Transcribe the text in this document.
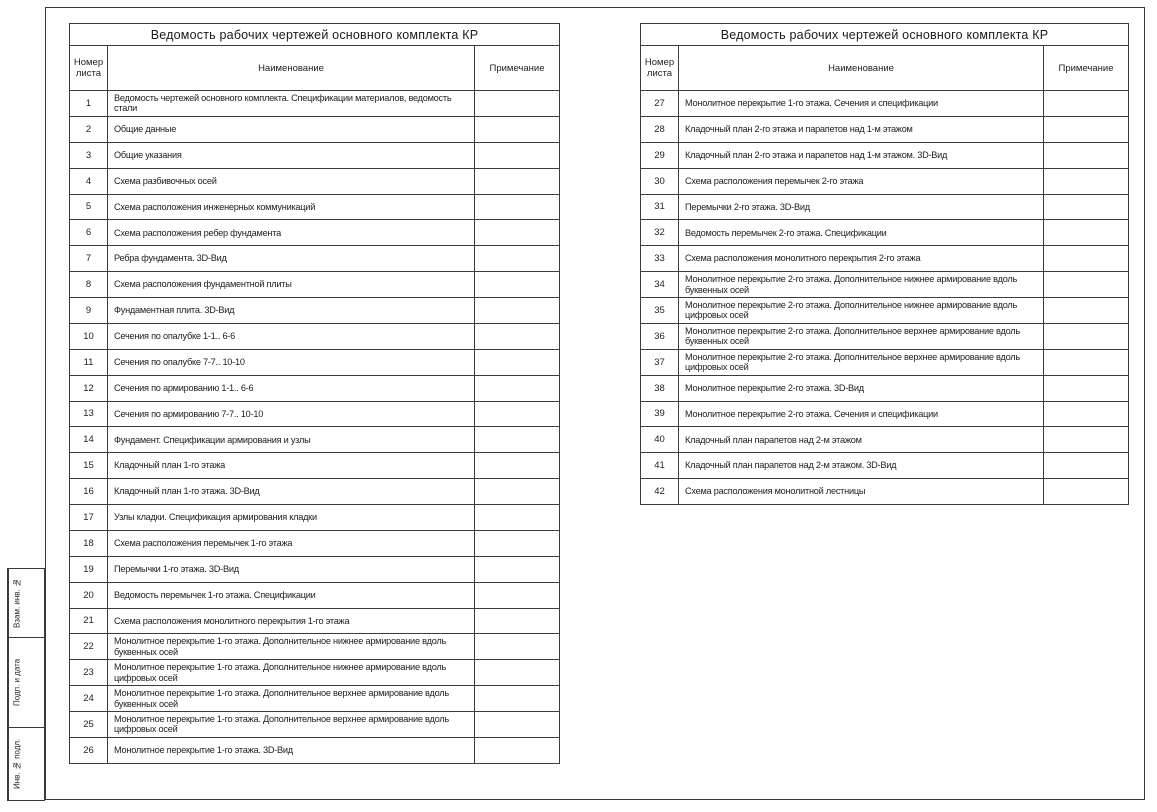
Взам. инв. №
Подп. и дата
Инв. № подл.
Ведомость рабочих чертежей основного комплекта КР		
Номер листа	Наименование	Примечание
1	Ведомость чертежей основного комплекта. Спецификации материалов, ведомость стали	
2	Общие данные	
3	Общие указания	
4	Схема разбивочных осей	
5	Схема расположения инженерных коммуникаций	
6	Схема расположения ребер фундамента	
7	Ребра фундамента. 3D-Вид	
8	Схема расположения фундаментной плиты	
9	Фундаментная плита. 3D-Вид	
10	Сечения по опалубке 1-1.. 6-6	
11	Сечения по опалубке 7-7.. 10-10	
12	Сечения по армированию 1-1.. 6-6	
13	Сечения по армированию 7-7.. 10-10	
14	Фундамент. Спецификации армирования и узлы	
15	Кладочный план 1-го этажа	
16	Кладочный план 1-го этажа. 3D-Вид	
17	Узлы кладки. Спецификация армирования кладки	
18	Схема расположения перемычек 1-го этажа	
19	Перемычки 1-го этажа. 3D-Вид	
20	Ведомость перемычек 1-го этажа. Спецификации	
21	Схема расположения монолитного перекрытия 1-го этажа	
22	Монолитное перекрытие 1-го этажа. Дополнительное нижнее армирование вдоль буквенных осей	
23	Монолитное перекрытие 1-го этажа. Дополнительное нижнее армирование вдоль цифровых осей	
24	Монолитное перекрытие 1-го этажа. Дополнительное верхнее армирование вдоль буквенных осей	
25	Монолитное перекрытие 1-го этажа. Дополнительное верхнее армирование вдоль цифровых осей	
26	Монолитное перекрытие 1-го этажа. 3D-Вид	
Ведомость рабочих чертежей основного комплекта КР		
Номер листа	Наименование	Примечание
27	Монолитное перекрытие 1-го этажа. Сечения и спецификации	
28	Кладочный план 2-го этажа и парапетов над 1-м этажом	
29	Кладочный план 2-го этажа и парапетов над 1-м этажом. 3D-Вид	
30	Схема расположения перемычек 2-го этажа	
31	Перемычки 2-го этажа. 3D-Вид	
32	Ведомость перемычек 2-го этажа. Спецификации	
33	Схема расположения монолитного перекрытия 2-го этажа	
34	Монолитное перекрытие 2-го этажа. Дополнительное нижнее армирование вдоль буквенных осей	
35	Монолитное перекрытие 2-го этажа. Дополнительное нижнее армирование вдоль цифровых осей	
36	Монолитное перекрытие 2-го этажа. Дополнительное верхнее армирование вдоль буквенных осей	
37	Монолитное перекрытие 2-го этажа. Дополнительное верхнее армирование вдоль цифровых осей	
38	Монолитное перекрытие 2-го этажа. 3D-Вид	
39	Монолитное перекрытие 2-го этажа. Сечения и спецификации	
40	Кладочный план парапетов над 2-м этажом	
41	Кладочный план парапетов над 2-м этажом. 3D-Вид	
42	Схема расположения монолитной лестницы	
